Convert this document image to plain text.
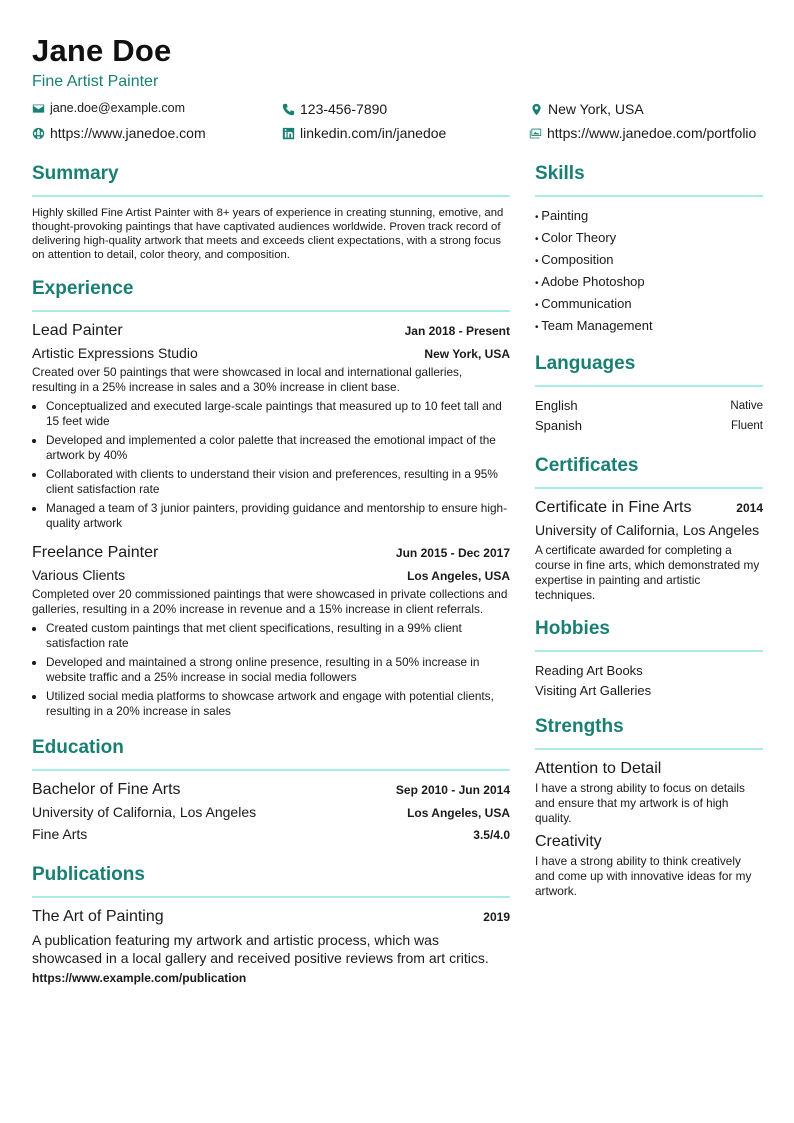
Jane Doe
Fine Artist Painter
jane.doe@example.com	123-456-7890	New York, USA
https://www.janedoe.com	linkedin.com/in/janedoe	https://www.janedoe.com/portfolio
Summary
Highly skilled Fine Artist Painter with 8+ years of experience in creating stunning, emotive, and thought-provoking paintings that have captivated audiences worldwide. Proven track record of delivering high-quality artwork that meets and exceeds client expectations, with a strong focus on attention to detail, color theory, and composition.
Experience
Lead Painter	Jan 2018 - Present
Artistic Expressions Studio	New York, USA
Created over 50 paintings that were showcased in local and international galleries, resulting in a 25% increase in sales and a 30% increase in client base.
• Conceptualized and executed large-scale paintings that measured up to 10 feet tall and 15 feet wide
• Developed and implemented a color palette that increased the emotional impact of the artwork by 40%
• Collaborated with clients to understand their vision and preferences, resulting in a 95% client satisfaction rate
• Managed a team of 3 junior painters, providing guidance and mentorship to ensure high-quality artwork
Freelance Painter	Jun 2015 - Dec 2017
Various Clients	Los Angeles, USA
Completed over 20 commissioned paintings that were showcased in private collections and galleries, resulting in a 20% increase in revenue and a 15% increase in client referrals.
• Created custom paintings that met client specifications, resulting in a 99% client satisfaction rate
• Developed and maintained a strong online presence, resulting in a 50% increase in website traffic and a 25% increase in social media followers
• Utilized social media platforms to showcase artwork and engage with potential clients, resulting in a 20% increase in sales
Education
Bachelor of Fine Arts	Sep 2010 - Jun 2014
University of California, Los Angeles	Los Angeles, USA
Fine Arts	3.5/4.0
Publications
The Art of Painting	2019
A publication featuring my artwork and artistic process, which was showcased in a local gallery and received positive reviews from art critics.
https://www.example.com/publication
Skills
• Painting
• Color Theory
• Composition
• Adobe Photoshop
• Communication
• Team Management
Languages
English	Native
Spanish	Fluent
Certificates
Certificate in Fine Arts	2014
University of California, Los Angeles
A certificate awarded for completing a course in fine arts, which demonstrated my expertise in painting and artistic techniques.
Hobbies
Reading Art Books
Visiting Art Galleries
Strengths
Attention to Detail
I have a strong ability to focus on details and ensure that my artwork is of high quality.
Creativity
I have a strong ability to think creatively and come up with innovative ideas for my artwork.
